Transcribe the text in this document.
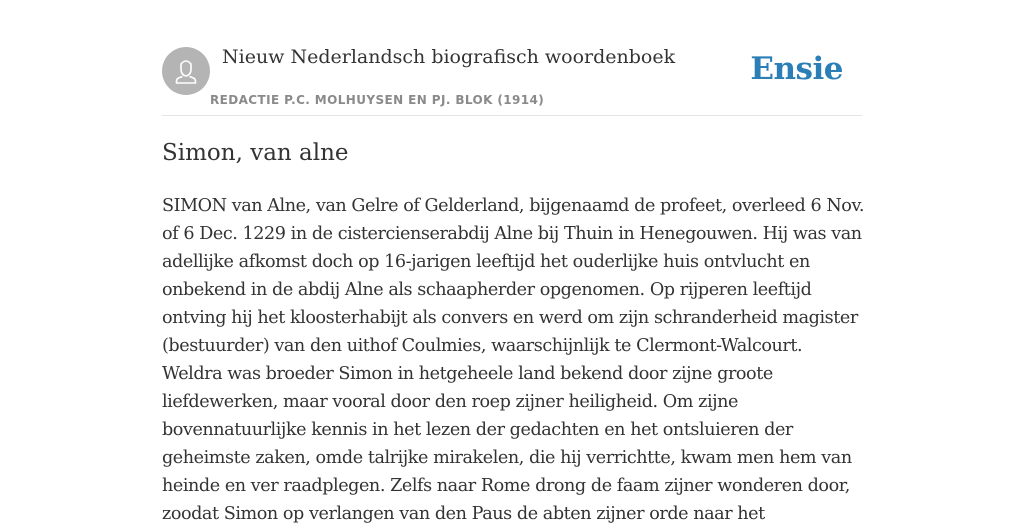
Nieuw Nederlandsch biografisch woordenboek
REDACTIE P.C. MOLHUYSEN EN PJ. BLOK (1914)
Ensie
Simon, van alne
SIMON van Alne, van Gelre of Gelderland, bijgenaamd de profeet, overleed 6 Nov.
of 6 Dec. 1229 in de cistercienserabdij Alne bij Thuin in Henegouwen. Hij was van
adellijke afkomst doch op 16-jarigen leeftijd het ouderlijke huis ontvlucht en
onbekend in de abdij Alne als schaapherder opgenomen. Op rijperen leeftijd
ontving hij het kloosterhabijt als convers en werd om zijn schranderheid magister
(bestuurder) van den uithof Coulmies, waarschijnlijk te Clermont-Walcourt.
Weldra was broeder Simon in hetgeheele land bekend door zijne groote
liefdewerken, maar vooral door den roep zijner heiligheid. Om zijne
bovennatuurlijke kennis in het lezen der gedachten en het ontsluieren der
geheimste zaken, omde talrijke mirakelen, die hij verrichtte, kwam men hem van
heinde en ver raadplegen. Zelfs naar Rome drong de faam zijner wonderen door,
zoodat Simon op verlangen van den Paus de abten zijner orde naar het
